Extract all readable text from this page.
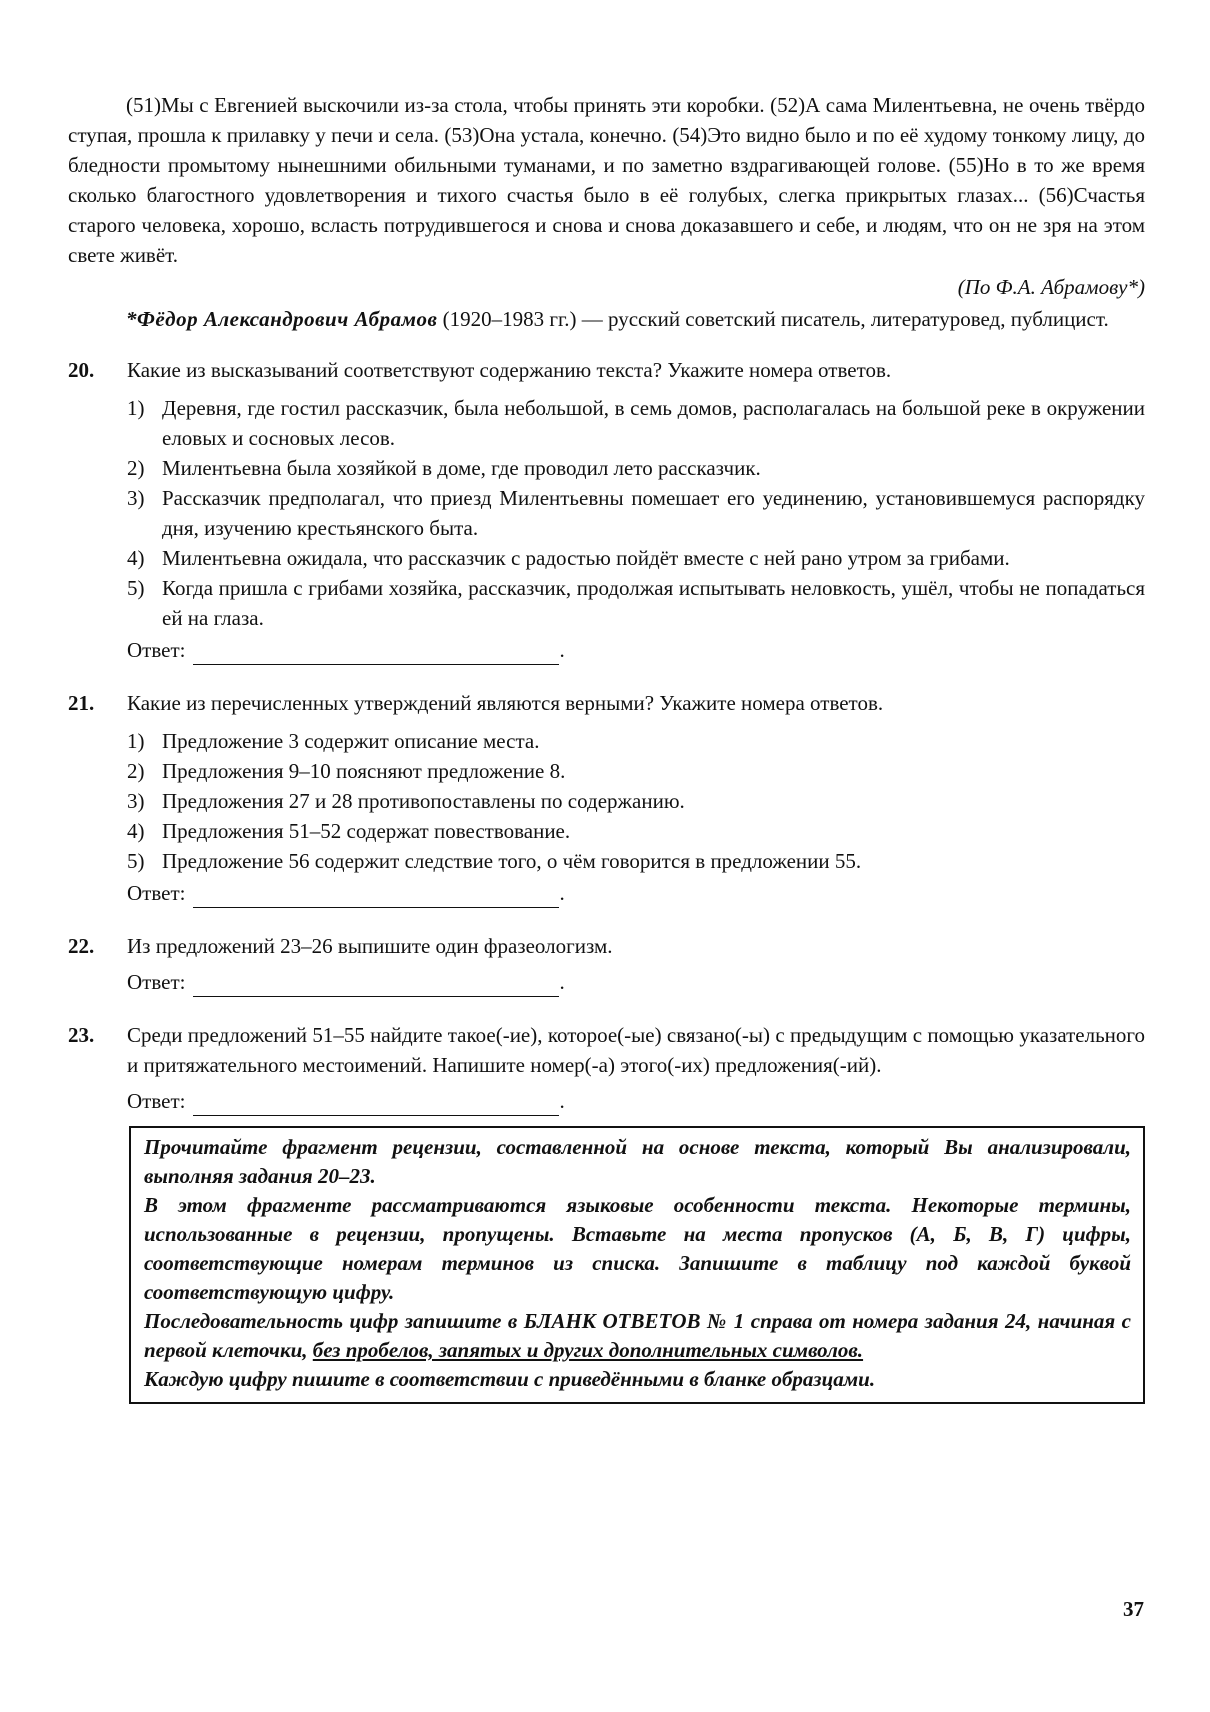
(51)Мы с Евгенией выскочили из-за стола, чтобы принять эти коробки. (52)А сама Милентьевна, не очень твёрдо ступая, прошла к прилавку у печи и села. (53)Она устала, конечно. (54)Это видно было и по её худому тонкому лицу, до бледности промытому нынешними обильными туманами, и по заметно вздрагивающей голове. (55)Но в то же время сколько благостного удовлетворения и тихого счастья было в её голубых, слегка прикрытых глазах... (56)Счастья старого человека, хорошо, всласть потрудившегося и снова и снова доказавшего и себе, и людям, что он не зря на этом свете живёт.

(По Ф.А. Абрамову*)

*Фёдор Александрович Абрамов (1920–1983 гг.) — русский советский писатель, литературовед, публицист.

20. Какие из высказываний соответствуют содержанию текста? Укажите номера ответов.

1) Деревня, где гостил рассказчик, была небольшой, в семь домов, располагалась на большой реке в окружении еловых и сосновых лесов.
2) Милентьевна была хозяйкой в доме, где проводил лето рассказчик.
3) Рассказчик предполагал, что приезд Милентьевны помешает его уединению, установившемуся распорядку дня, изучению крестьянского быта.
4) Милентьевна ожидала, что рассказчик с радостью пойдёт вместе с ней рано утром за грибами.
5) Когда пришла с грибами хозяйка, рассказчик, продолжая испытывать неловкость, ушёл, чтобы не попадаться ей на глаза.

Ответ:	.

21. Какие из перечисленных утверждений являются верными? Укажите номера ответов.

1) Предложение 3 содержит описание места.
2) Предложения 9–10 поясняют предложение 8.
3) Предложения 27 и 28 противопоставлены по содержанию.
4) Предложения 51–52 содержат повествование.
5) Предложение 56 содержит следствие того, о чём говорится в предложении 55.

Ответ:	.

22. Из предложений 23–26 выпишите один фразеологизм.

Ответ:	.

23. Среди предложений 51–55 найдите такое(-ие), которое(-ые) связано(-ы) с предыдущим с помощью указательного и притяжательного местоимений. Напишите номер(-а) этого(-их) предложения(-ий).

Ответ:	.

Прочитайте фрагмент рецензии, составленной на основе текста, который Вы анализировали, выполняя задания 20–23.

В этом фрагменте рассматриваются языковые особенности текста. Некоторые термины, использованные в рецензии, пропущены. Вставьте на места пропусков (А, Б, В, Г) цифры, соответствующие номерам терминов из списка. Запишите в таблицу под каждой буквой соответствующую цифру.

Последовательность цифр запишите в БЛАНК ОТВЕТОВ № 1 справа от номера задания 24, начиная с первой клеточки, без пробелов, запятых и других дополнительных символов.

Каждую цифру пишите в соответствии с приведёнными в бланке образцами.

37
